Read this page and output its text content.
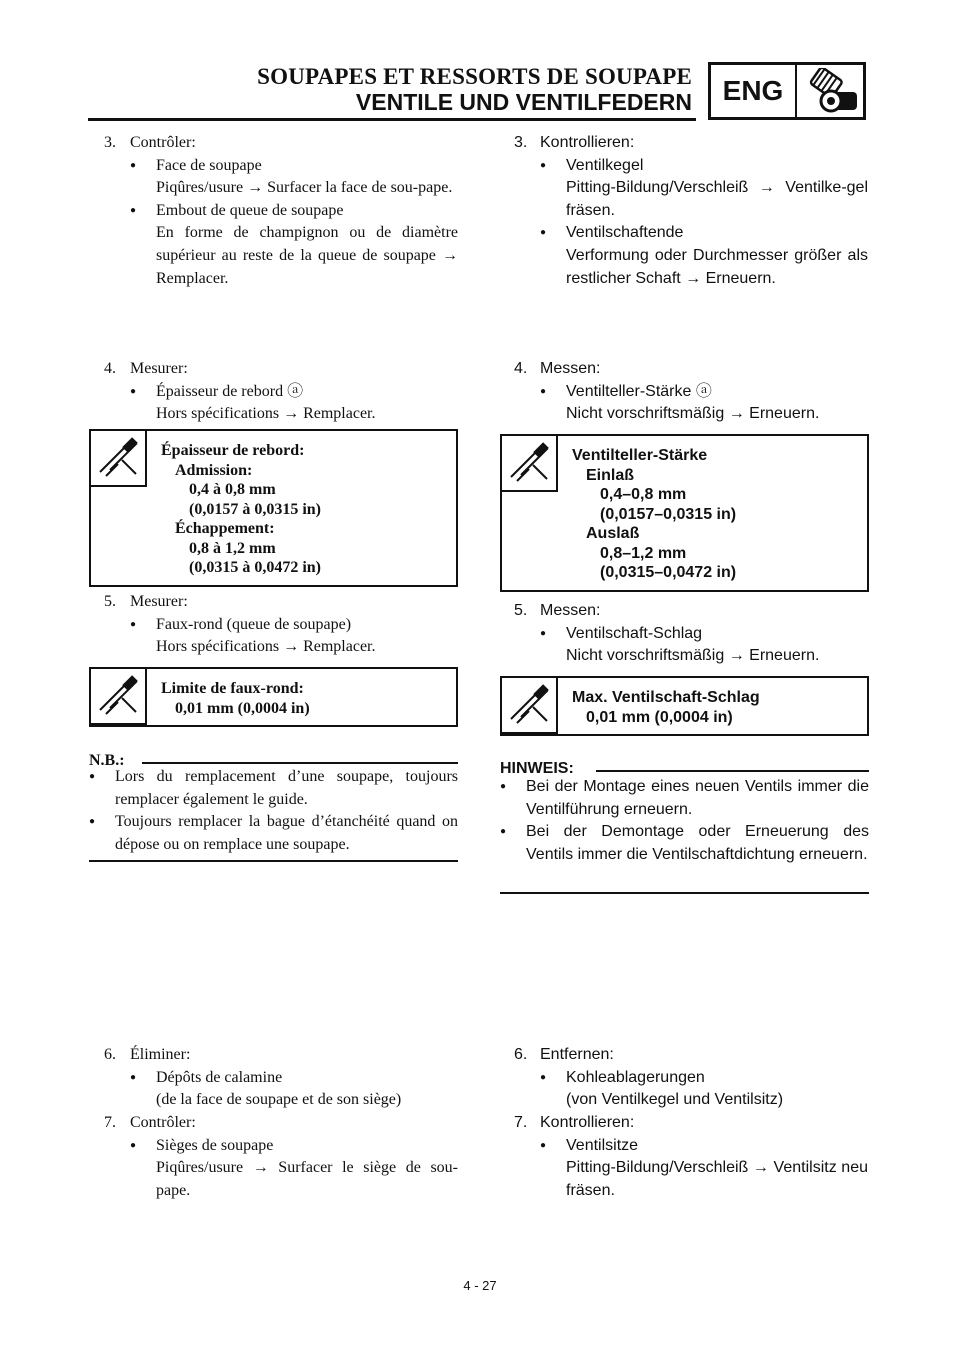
SOUPAPES ET RESSORTS DE SOUPAPE
VENTILE UND VENTILFEDERN	ENG
3. Contrôler:
● Face de soupape
Piqûres/usure → Surfacer la face de sou-pape.
● Embout de queue de soupape
En forme de champignon ou de diamètre supérieur au reste de la queue de soupape → Remplacer.
4. Mesurer:
● Épaisseur de rebord ⓐ
Hors spécifications → Remplacer.
Épaisseur de rebord:
Admission:
0,4 à 0,8 mm
(0,0157 à 0,0315 in)
Échappement:
0,8 à 1,2 mm
(0,0315 à 0,0472 in)
5. Mesurer:
● Faux-rond (queue de soupape)
Hors spécifications → Remplacer.
Limite de faux-rond:
0,01 mm (0,0004 in)
N.B.:
● Lors du remplacement d’une soupape, toujours remplacer également le guide.
● Toujours remplacer la bague d’étanchéité quand on dépose ou on remplace une soupape.
6. Éliminer:
● Dépôts de calamine
(de la face de soupape et de son siège)
7. Contrôler:
● Sièges de soupape
Piqûres/usure → Surfacer le siège de sou-pape.
3. Kontrollieren:
● Ventilkegel
Pitting-Bildung/Verschleiß → Ventilke-gel fräsen.
● Ventilschaftende
Verformung oder Durchmesser größer als restlicher Schaft → Erneuern.
4. Messen:
● Ventilteller-Stärke ⓐ
Nicht vorschriftsmäßig → Erneuern.
Ventilteller-Stärke
Einlaß
0,4–0,8 mm
(0,0157–0,0315 in)
Auslaß
0,8–1,2 mm
(0,0315–0,0472 in)
5. Messen:
● Ventilschaft-Schlag
Nicht vorschriftsmäßig → Erneuern.
Max. Ventilschaft-Schlag
0,01 mm (0,0004 in)
HINWEIS:
● Bei der Montage eines neuen Ventils immer die Ventilführung erneuern.
● Bei der Demontage oder Erneuerung des Ventils immer die Ventilschaftdichtung erneuern.
6. Entfernen:
● Kohleablagerungen
(von Ventilkegel und Ventilsitz)
7. Kontrollieren:
● Ventilsitze
Pitting-Bildung/Verschleiß → Ventilsitz neu fräsen.
4 - 27
